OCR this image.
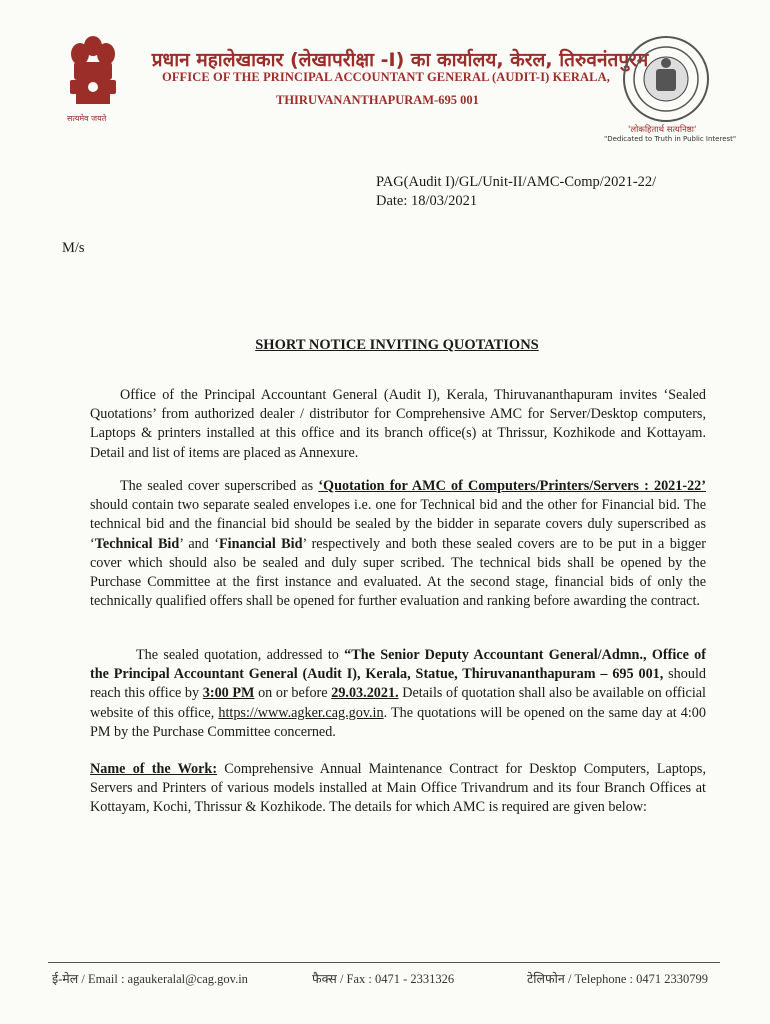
सत्यमेव जयते
प्रधान महालेखाकार (लेखापरीक्षा -I) का कार्यालय, केरल, तिरुवनंतपुरम
OFFICE OF THE PRINCIPAL ACCOUNTANT GENERAL (AUDIT-I) KERALA,
THIRUVANANTHAPURAM-695 001
'लोकहितार्थ सत्यनिष्ठा'
"Dedicated to Truth in Public Interest"
PAG(Audit I)/GL/Unit-II/AMC-Comp/2021-22/
Date: 18/03/2021
M/s
SHORT NOTICE INVITING QUOTATIONS
Office of the Principal Accountant General (Audit I), Kerala, Thiruvananthapuram invites ‘Sealed Quotations’ from authorized dealer / distributor for Comprehensive AMC for Server/Desktop computers, Laptops & printers installed at this office and its branch office(s) at Thrissur, Kozhikode and Kottayam. Detail and list of items are placed as Annexure.
The sealed cover superscribed as ‘Quotation for AMC of Computers/Printers/Servers : 2021-22’ should contain two separate sealed envelopes i.e. one for Technical bid and the other for Financial bid. The technical bid and the financial bid should be sealed by the bidder in separate covers duly superscribed as ‘Technical Bid’ and ‘Financial Bid’ respectively and both these sealed covers are to be put in a bigger cover which should also be sealed and duly super scribed. The technical bids shall be opened by the Purchase Committee at the first instance and evaluated. At the second stage, financial bids of only the technically qualified offers shall be opened for further evaluation and ranking before awarding the contract.
The sealed quotation, addressed to “The Senior Deputy Accountant General/Admn., Office of the Principal Accountant General (Audit I), Kerala, Statue, Thiruvananthapuram – 695 001, should reach this office by 3:00 PM on or before 29.03.2021. Details of quotation shall also be available on official website of this office, https://www.agker.cag.gov.in. The quotations will be opened on the same day at 4:00 PM by the Purchase Committee concerned.
Name of the Work: Comprehensive Annual Maintenance Contract for Desktop Computers, Laptops, Servers and Printers of various models installed at Main Office Trivandrum and its four Branch Offices at Kottayam, Kochi, Thrissur & Kozhikode. The details for which AMC is required are given below:
ई-मेल / Email : agaukeralal@cag.gov.in	फैक्स / Fax : 0471 - 2331326	टेलिफोन / Telephone : 0471 2330799
